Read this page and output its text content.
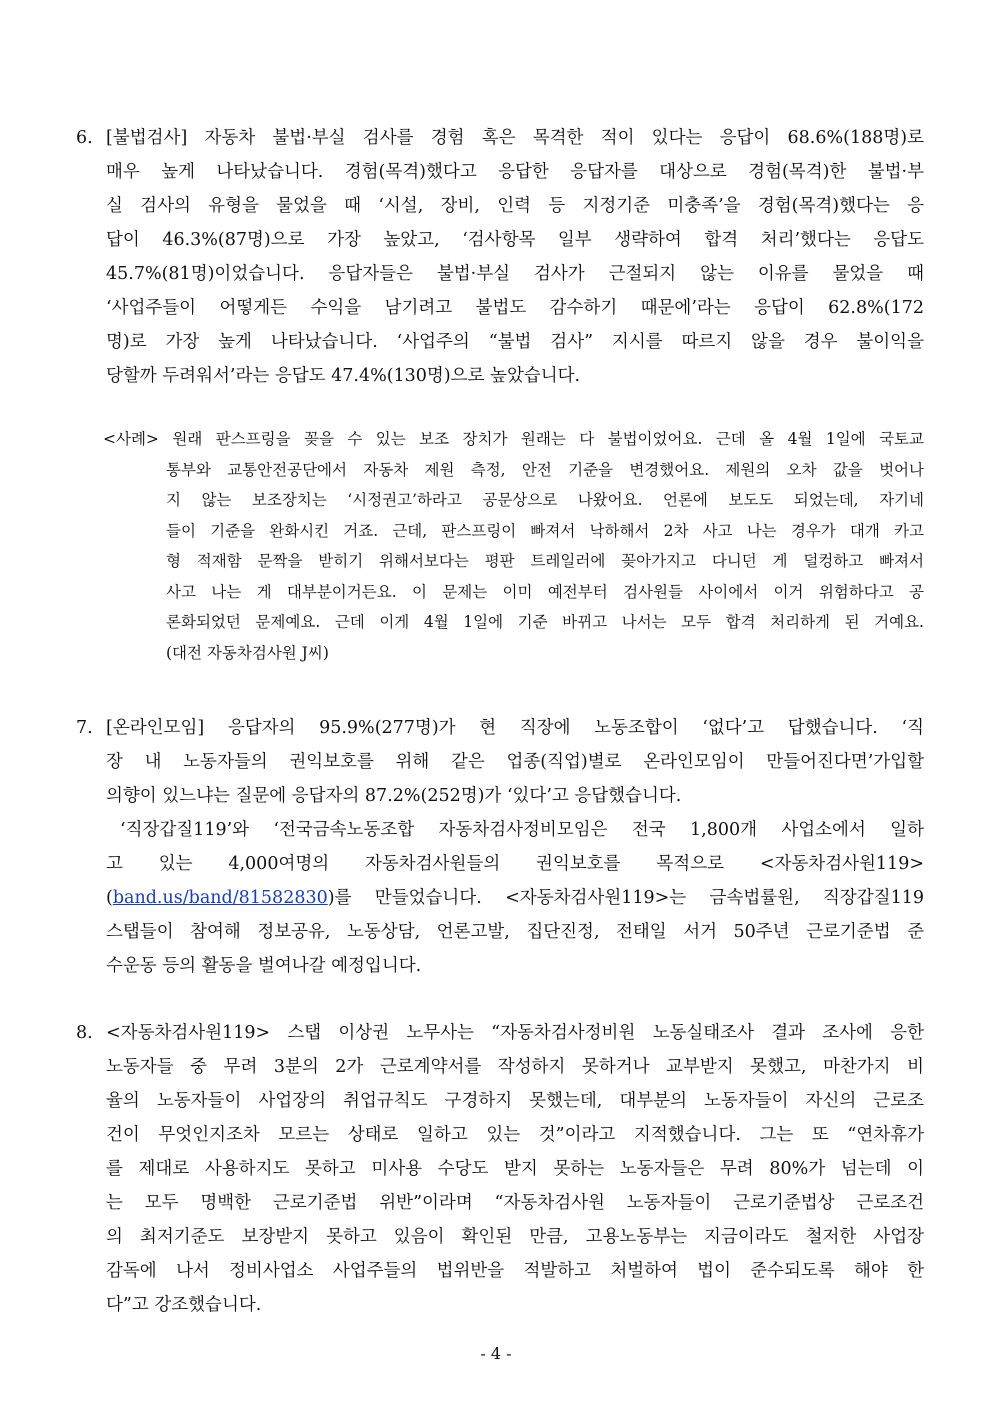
6. [불법검사] 자동차 불법·부실 검사를 경험 혹은 목격한 적이 있다는 응답이 68.6%(188명)로
매우 높게 나타났습니다. 경험(목격)했다고 응답한 응답자를 대상으로 경험(목격)한 불법·부
실 검사의 유형을 물었을 때 ‘시설, 장비, 인력 등 지정기준 미충족’을 경험(목격)했다는 응
답이 46.3%(87명)으로 가장 높았고, ‘검사항목 일부 생략하여 합격 처리’했다는 응답도
45.7%(81명)이었습니다. 응답자들은 불법·부실 검사가 근절되지 않는 이유를 물었을 때
‘사업주들이 어떻게든 수익을 남기려고 불법도 감수하기 때문에’라는 응답이 62.8%(172
명)로 가장 높게 나타났습니다. ‘사업주의 “불법 검사” 지시를 따르지 않을 경우 불이익을
당할까 두려워서’라는 응답도 47.4%(130명)으로 높았습니다.
<사례> 원래 판스프링을 꽂을 수 있는 보조 장치가 원래는 다 불법이었어요. 근데 올 4월 1일에 국토교
통부와 교통안전공단에서 자동차 제원 측정, 안전 기준을 변경했어요. 제원의 오차 값을 벗어나
지 않는 보조장치는 ‘시정권고’하라고 공문상으로 나왔어요. 언론에 보도도 되었는데, 자기네
들이 기준을 완화시킨 거죠. 근데, 판스프링이 빠져서 낙하해서 2차 사고 나는 경우가 대개 카고
형 적재함 문짝을 받히기 위해서보다는 평판 트레일러에 꽂아가지고 다니던 게 덜컹하고 빠져서
사고 나는 게 대부분이거든요. 이 문제는 이미 예전부터 검사원들 사이에서 이거 위험하다고 공
론화되었던 문제예요. 근데 이게 4월 1일에 기준 바뀌고 나서는 모두 합격 처리하게 된 거예요.
(대전 자동차검사원 J씨)
7. [온라인모임] 응답자의 95.9%(277명)가 현 직장에 노동조합이 ‘없다’고 답했습니다. ‘직
장 내 노동자들의 권익보호를 위해 같은 업종(직업)별로 온라인모임이 만들어진다면’가입할
의향이 있느냐는 질문에 응답자의 87.2%(252명)가 ‘있다’고 응답했습니다.
‘직장갑질119’와 ‘전국금속노동조합 자동차검사정비모임은 전국 1,800개 사업소에서 일하
고 있는 4,000여명의 자동차검사원들의 권익보호를 목적으로 <자동차검사원119>
(band.us/band/81582830)를 만들었습니다. <자동차검사원119>는 금속법률원, 직장갑질119
스탭들이 참여해 정보공유, 노동상담, 언론고발, 집단진정, 전태일 서거 50주년 근로기준법 준
수운동 등의 활동을 벌여나갈 예정입니다.
8. <자동차검사원119> 스탭 이상권 노무사는 “자동차검사정비원 노동실태조사 결과 조사에 응한
노동자들 중 무려 3분의 2가 근로계약서를 작성하지 못하거나 교부받지 못했고, 마찬가지 비
율의 노동자들이 사업장의 취업규칙도 구경하지 못했는데, 대부분의 노동자들이 자신의 근로조
건이 무엇인지조차 모르는 상태로 일하고 있는 것”이라고 지적했습니다. 그는 또 “연차휴가
를 제대로 사용하지도 못하고 미사용 수당도 받지 못하는 노동자들은 무려 80%가 넘는데 이
는 모두 명백한 근로기준법 위반”이라며 “자동차검사원 노동자들이 근로기준법상 근로조건
의 최저기준도 보장받지 못하고 있음이 확인된 만큼, 고용노동부는 지금이라도 철저한 사업장
감독에 나서 정비사업소 사업주들의 법위반을 적발하고 처벌하여 법이 준수되도록 해야 한
다”고 강조했습니다.
- 4 -
